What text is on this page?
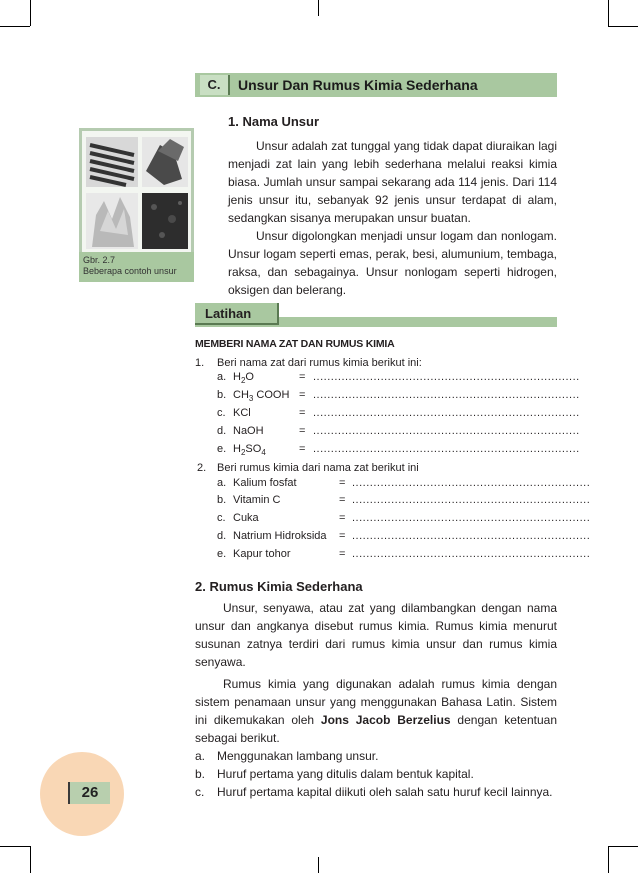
C.	Unsur Dan Rumus Kimia Sederhana
Gbr. 2.7
Beberapa contoh unsur
1. Nama Unsur

Unsur adalah zat tunggal yang tidak dapat diuraikan lagi menjadi zat lain yang lebih sederhana melalui reaksi kimia biasa. Jumlah unsur sampai sekarang ada 114 jenis. Dari 114 jenis unsur itu, sebanyak 92 jenis unsur terdapat di alam, sedangkan sisanya merupakan unsur buatan.

Unsur digolongkan menjadi unsur logam dan nonlogam. Unsur logam seperti emas, perak, besi, alumunium, tembaga, raksa, dan sebagainya. Unsur nonlogam seperti hidrogen, oksigen dan belerang.

Latihan
MEMBERI NAMA ZAT DAN RUMUS KIMIA
1. Beri nama zat dari rumus kimia berikut ini:
a. $H_2O$	= ...........................................................................
b. $CH_3$ COOH = ...........................................................................
c. KCl	= ...........................................................................
d. NaOH	= ...........................................................................
e. $H_2SO_4$	= ...........................................................................
2. Beri rumus kimia dari nama zat berikut ini
a. Kalium fosfat	= ...................................................................
b. Vitamin C	= ...................................................................
c. Cuka	= ...................................................................
d. Natrium Hidroksida = ...................................................................
e. Kapur tohor	= ...................................................................
2. Rumus Kimia Sederhana

Unsur, senyawa, atau zat yang dilambangkan dengan nama unsur dan angkanya disebut rumus kimia. Rumus kimia menurut susunan zatnya terdiri dari rumus kimia unsur dan rumus kimia senyawa.

Rumus kimia yang digunakan adalah rumus kimia dengan sistem penamaan unsur yang menggunakan Bahasa Latin. Sistem ini dikemukakan oleh Jons Jacob Berzelius dengan ketentuan sebagai berikut.

a. Menggunakan lambang unsur.
b. Huruf pertama yang ditulis dalam bentuk kapital.
c. Huruf pertama kapital diikuti oleh salah satu huruf kecil lainnya.
26
